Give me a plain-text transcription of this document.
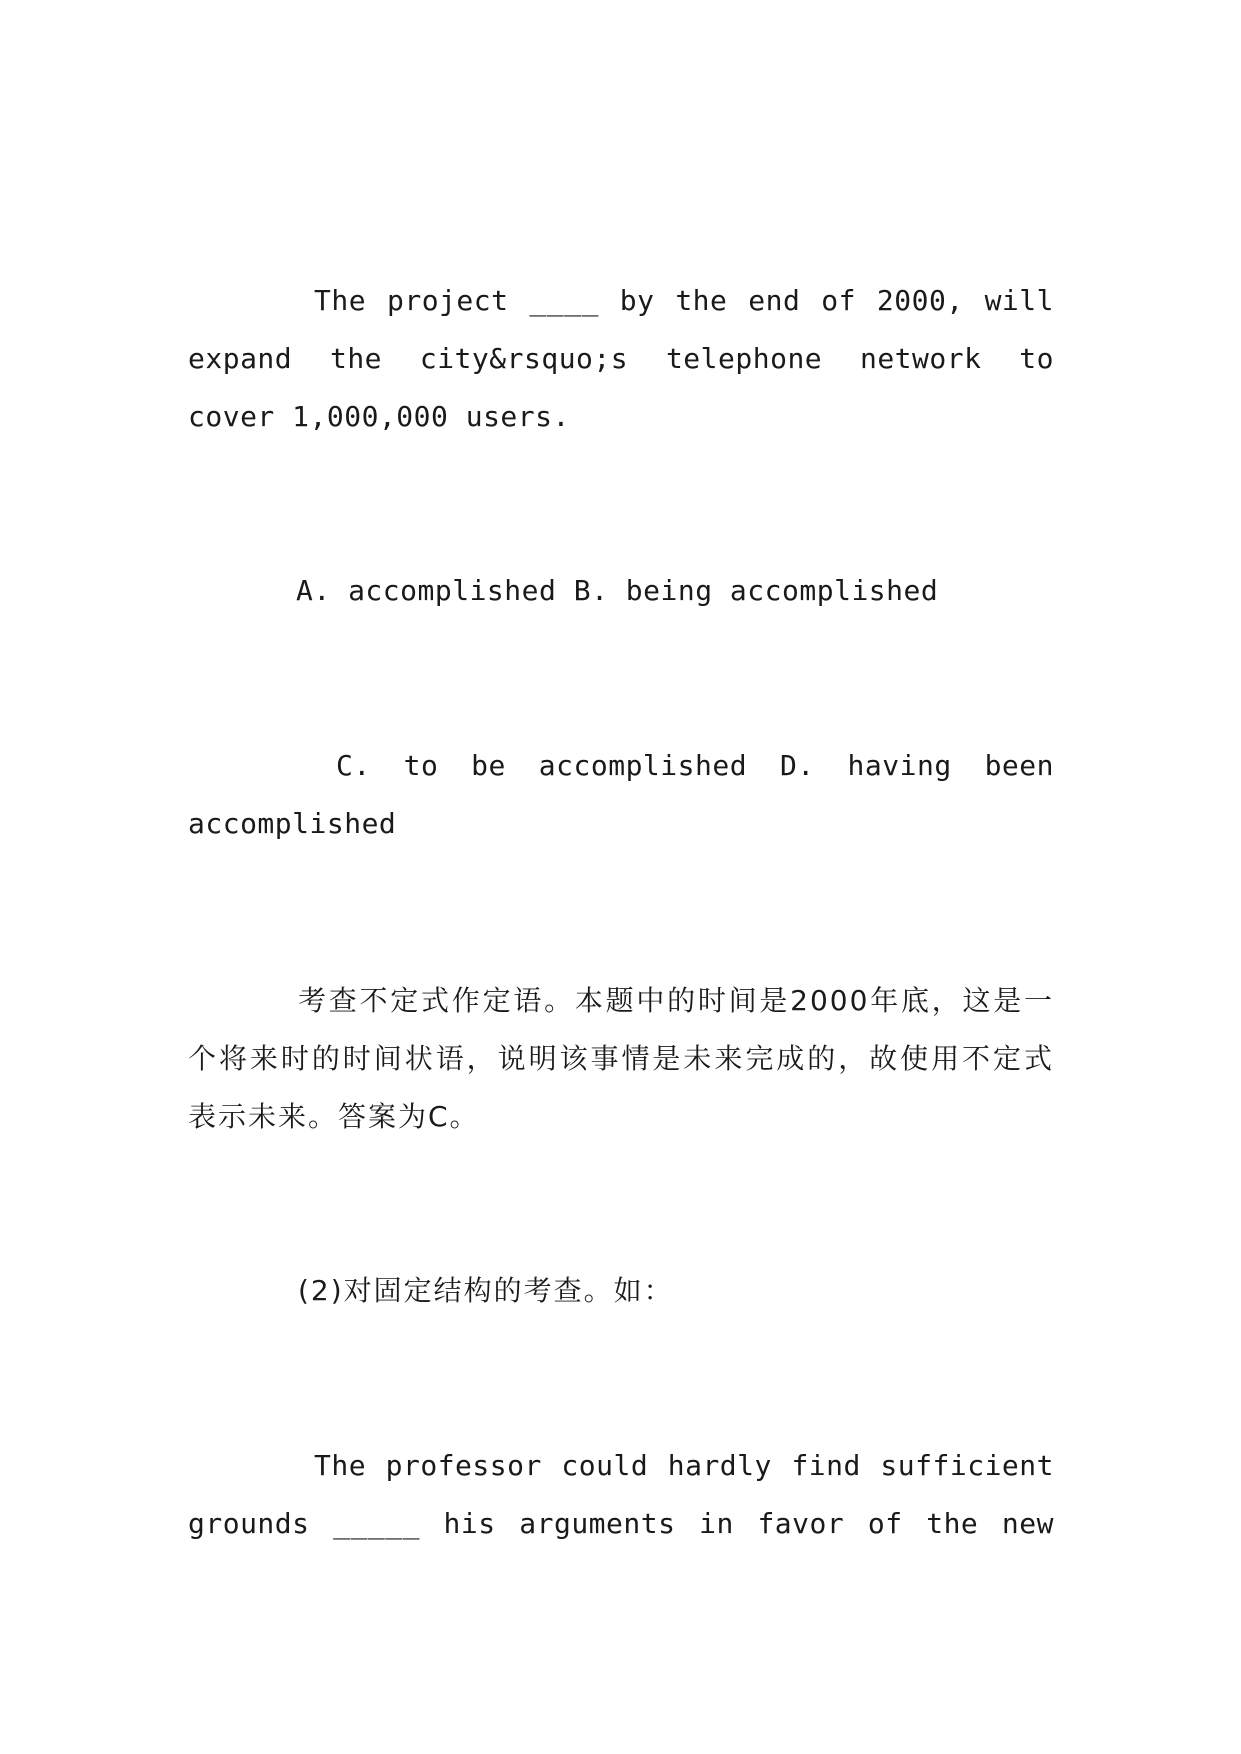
The project ____ by the end of 2000, will expand the city&rsquo;s telephone network to cover 1,000,000 users.

A. accomplished B. being accomplished

C. to be accomplished D. having been accomplished

考查不定式作定语。本题中的时间是2000年底，这是一个将来时的时间状语，说明该事情是未来完成的，故使用不定式表示未来。答案为C。

(2)对固定结构的考查。如：

The professor could hardly find sufficient grounds _____ his arguments in favor of the new
